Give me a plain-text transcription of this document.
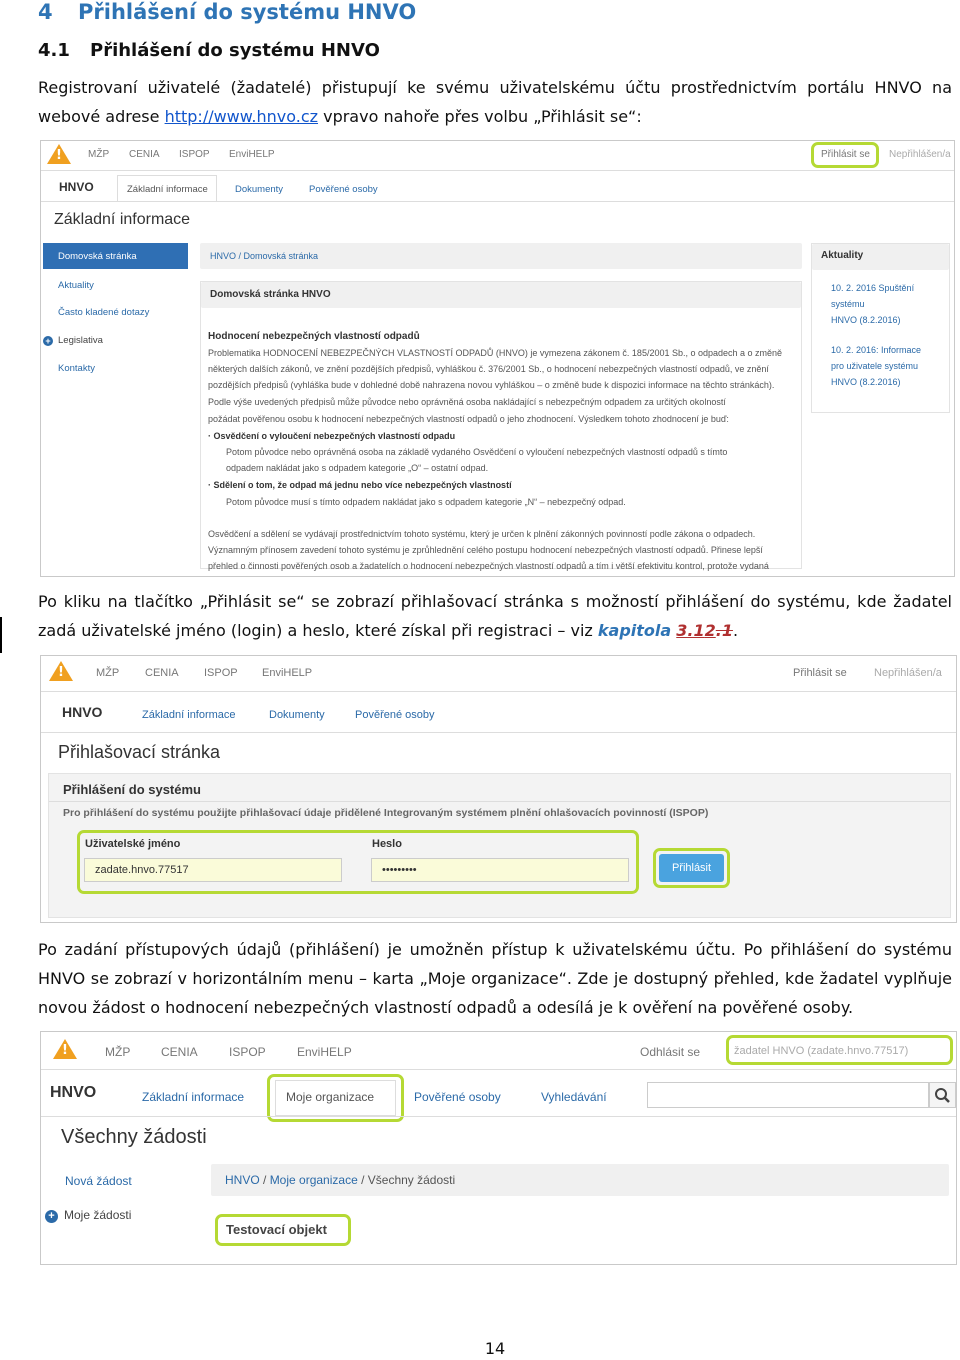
4 Přihlášení do systému HNVO
4.1 Přihlášení do systému HNVO
Registrovaní uživatelé (žadatelé) přistupují ke svému uživatelskému účtu prostřednictvím portálu HNVO na webové adrese http://www.hnvo.cz vpravo nahoře přes volbu „Přihlásit se“:
!
MŽP CENIA ISPOP EnviHELP	Přihlásit se Nepřihlášen/a
HNVO	Základní informace	Dokumenty	Pověřené osoby
Základní informace
Domovská stránka
Aktuality
Často kladené dotazy
+ Legislativa
Kontakty
HNVO / Domovská stránka
Domovská stránka HNVO
Hodnocení nebezpečných vlastností odpadů
Problematika HODNOCENÍ NEBEZPEČNÝCH VLASTNOSTÍ ODPADŮ (HNVO) je vymezena zákonem č. 185/2001 Sb., o odpadech a o změně
některých dalších zákonů, ve znění pozdějších předpisů, vyhláškou č. 376/2001 Sb., o hodnocení nebezpečných vlastností odpadů, ve znění
pozdějších předpisů (vyhláška bude v dohledné době nahrazena novou vyhláškou – o změně bude k dispozici informace na těchto stránkách).
Podle výše uvedených předpisů může původce nebo oprávněná osoba nakládající s nebezpečným odpadem za určitých okolností
požádat pověřenou osobu k hodnocení nebezpečných vlastností odpadů o jeho zhodnocení. Výsledkem tohoto zhodnocení je buď:
· Osvědčení o vyloučení nebezpečných vlastností odpadu
Potom původce nebo oprávněná osoba na základě vydaného Osvědčení o vyloučení nebezpečných vlastností odpadů s tímto
odpadem nakládat jako s odpadem kategorie „O“ – ostatní odpad.
· Sdělení o tom, že odpad má jednu nebo více nebezpečných vlastností
Potom původce musí s tímto odpadem nakládat jako s odpadem kategorie „N“ – nebezpečný odpad.
Osvědčení a sdělení se vydávají prostřednictvím tohoto systému, který je určen k plnění zákonných povinností podle zákona o odpadech.
Významným přínosem zavedení tohoto systému je zprůhlednění celého postupu hodnocení nebezpečných vlastností odpadů. Přinese lepší
přehled o činnosti pověřených osob a žadatelích o hodnocení nebezpečných vlastností odpadů a tím i větší efektivitu kontrol, protože vydaná
Aktuality
10. 2. 2016 Spuštění
systému
HNVO (8.2.2016)
10. 2. 2016: Informace
pro uživatele systému
HNVO (8.2.2016)
Po kliku na tlačítko „Přihlásit se“ se zobrazí přihlašovací stránka s možností přihlášení do systému, kde žadatel zadá uživatelské jméno (login) a heslo, které získal při registraci – viz kapitola 3.12.1.
!
MŽP CENIA ISPOP EnviHELP	Přihlásit se Nepřihlášen/a
HNVO	Základní informace	Dokumenty	Pověřené osoby
Přihlašovací stránka
Přihlášení do systému
Pro přihlášení do systému použijte přihlašovací údaje přidělené Integrovaným systémem plnění ohlašovacích povinností (ISPOP)
Uživatelské jméno
zadate.hnvo.77517
Heslo
•••••••••	Přihlásit
Po zadání přístupových údajů (přihlášení) je umožněn přístup k uživatelskému účtu. Po přihlášení do systému HNVO se zobrazí v horizontálním menu – karta „Moje organizace“. Zde je dostupný přehled, kde žadatel vyplňuje novou žádost o hodnocení nebezpečných vlastností odpadů a odesílá je k ověření na pověřené osoby.
!
MŽP	CENIA	ISPOP	EnviHELP	Odhlásit se	žadatel HNVO (zadate.hnvo.77517)
HNVO	Základní informace	Moje organizace	Pověřené osoby	Vyhledávání
Všechny žádosti
Nová žádost
+ Moje žádosti
HNVO / Moje organizace / Všechny žádosti
Testovací objekt
14
